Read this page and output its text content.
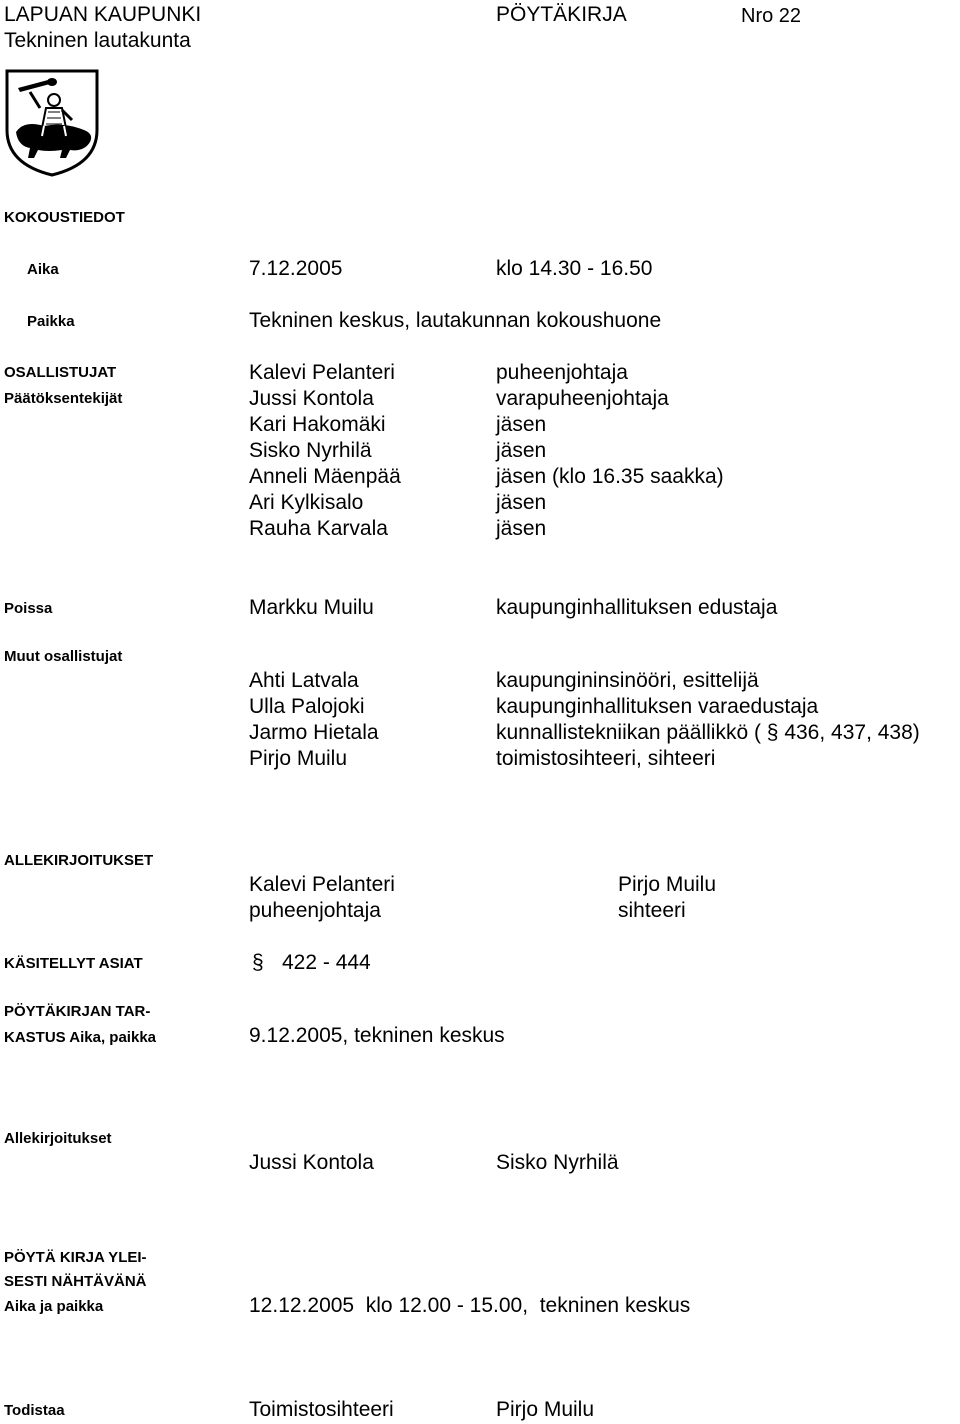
LAPUAN KAUPUNKI
Tekninen lautakunta
PÖYTÄKIRJA	Nro 22
KOKOUSTIEDOT
Aika	7.12.2005	klo 14.30 - 16.50
Paikka	Tekninen keskus, lautakunnan kokoushuone
OSALLISTUJAT
Päätöksentekijät
Kalevi Pelanteri	puheenjohtaja
Jussi Kontola	varapuheenjohtaja
Kari Hakomäki	jäsen
Sisko Nyrhilä	jäsen
Anneli Mäenpää	jäsen (klo 16.35 saakka)
Ari Kylkisalo	jäsen
Rauha Karvala	jäsen
Poissa	Markku Muilu	kaupunginhallituksen edustaja
Muut osallistujat
Ahti Latvala	kaupungininsinööri, esittelijä
Ulla Palojoki	kaupunginhallituksen varaedustaja
Jarmo Hietala	kunnallistekniikan päällikkö ( § 436, 437, 438)
Pirjo Muilu	toimistosihteeri, sihteeri
ALLEKIRJOITUKSET
Kalevi Pelanteri
puheenjohtaja
Pirjo Muilu
sihteeri
KÄSITELLYT ASIAT	§ 422 - 444
PÖYTÄKIRJAN TAR-
KASTUS Aika, paikka	9.12.2005, tekninen keskus
Allekirjoitukset
Jussi Kontola	Sisko Nyrhilä
PÖYTÄ KIRJA YLEI-
SESTI NÄHTÄVÄNÄ
Aika ja paikka	12.12.2005  klo 12.00 - 15.00,  tekninen keskus
Todistaa	Toimistosihteeri	Pirjo Muilu
